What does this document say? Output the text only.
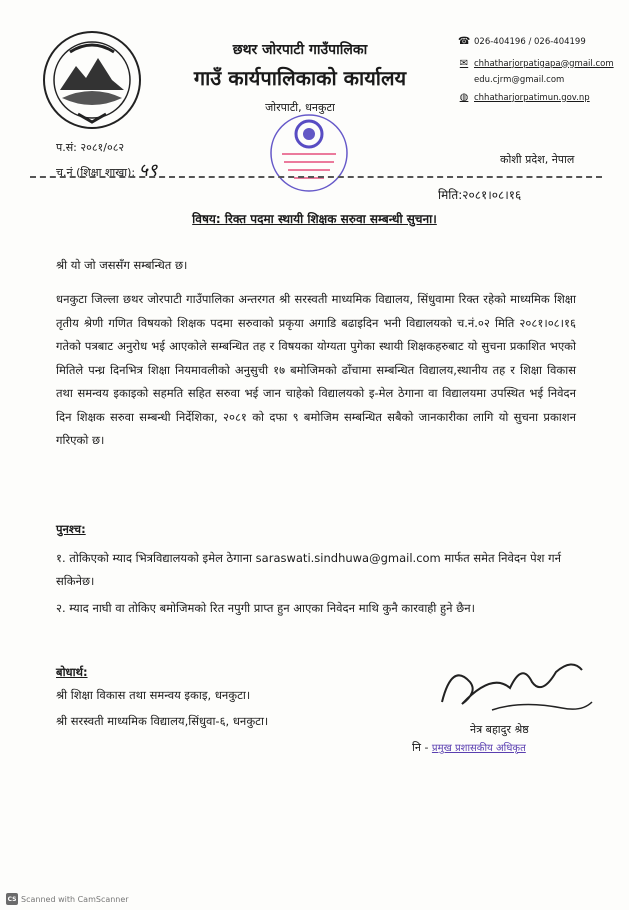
छथर जोरपाटी गाउँपालिका
गाउँ कार्यपालिकाको कार्यालय
जोरपाटी, धनकुटा
☎ 026-404196 / 026-404199
✉ chhatharjorpatigapa@gmail.com
edu.cjrm@gmail.com
◍ chhatharjorpatimun.gov.np
प.सं: २०८१/०८२
च.नं (शिक्षा शाखा): ५९
कोशी प्रदेश, नेपाल
मिति:२०८१।०८।१६
विषय: रिक्त पदमा स्थायी शिक्षक सरुवा सम्बन्धी सुचना।
श्री यो जो जससँग सम्बन्धित छ।
धनकुटा जिल्ला छथर जोरपाटी गाउँपालिका अन्तरगत श्री सरस्वती माध्यमिक विद्यालय, सिंधुवामा रिक्त रहेको माध्यमिक शिक्षा तृतीय श्रेणी गणित विषयको शिक्षक पदमा सरुवाको प्रकृया अगाडि बढाइदिन भनी विद्यालयको च.नं.०२ मिति २०८१।०८।१६ गतेको पत्रबाट अनुरोध भई आएकोले सम्बन्धित तह र विषयका योग्यता पुगेका स्थायी शिक्षकहरुबाट यो सुचना प्रकाशित भएको मितिले पन्ध्र दिनभित्र शिक्षा नियमावलीको अनुसुची १७ बमोजिमको ढाँचामा सम्बन्धित विद्यालय,स्थानीय तह र शिक्षा विकास तथा समन्वय इकाइको सहमति सहित सरुवा भई जान चाहेको विद्यालयको इ-मेल ठेगाना वा विद्यालयमा उपस्थित भई निवेदन दिन शिक्षक सरुवा सम्बन्धी निर्देशिका, २०८१ को दफा ९ बमोजिम सम्बन्धित सबैको जानकारीका लागि यो सुचना प्रकाशन गरिएको छ।
पुनश्च:
१. तोकिएको म्याद भित्रविद्यालयको इमेल ठेगाना saraswati.sindhuwa@gmail.com मार्फत समेत निवेदन पेश गर्न सकिनेछ।
२. म्याद नाघी वा तोकिए बमोजिमको रित नपुगी प्राप्त हुन आएका निवेदन माथि कुनै कारवाही हुने छैन।
बोधार्थ:
श्री शिक्षा विकास तथा समन्वय इकाइ, धनकुटा।
श्री सरस्वती माध्यमिक विद्यालय,सिंधुवा-६, धनकुटा।
नेत्र बहादुर श्रेष्ठ
नि - प्रमुख प्रशासकीय अधिकृत
CS Scanned with CamScanner
